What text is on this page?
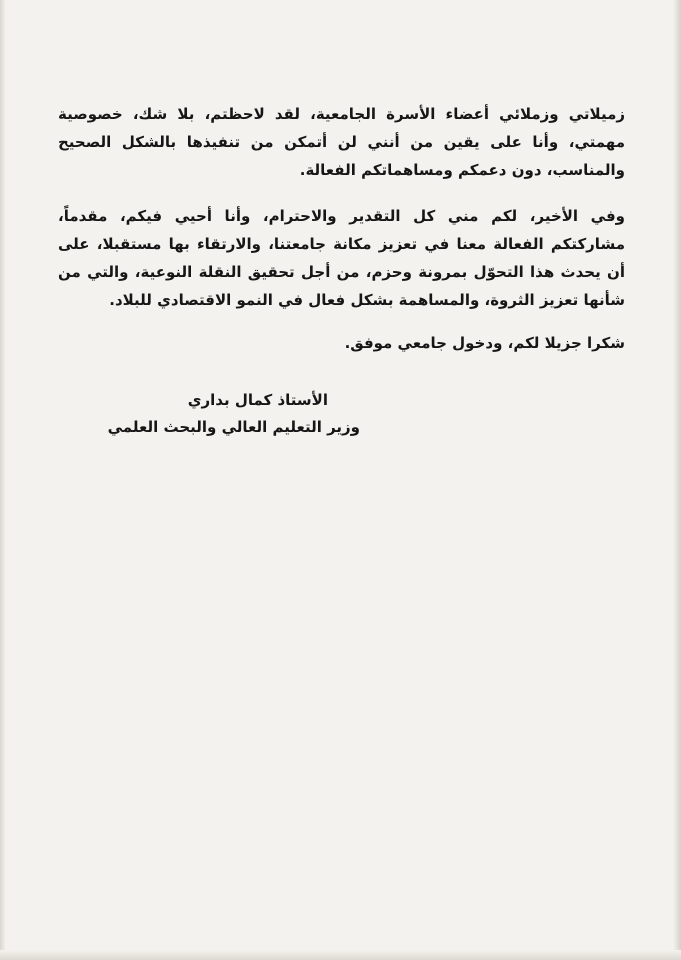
زميلاتي وزملائي أعضاء الأسرة الجامعية، لقد لاحظتم، بلا شك، خصوصية مهمتي، وأنا على يقين من أنني لن أتمكن من تنفيذها بالشكل الصحيح والمناسب، دون دعمكم ومساهماتكم الفعالة.

وفي الأخير، لكم مني كل التقدير والاحترام، وأنا أحيي فيكم، مقدماً، مشاركتكم الفعالة معنا في تعزيز مكانة جامعتنا، والارتقاء بها مستقبلا، على أن يحدث هذا التحوّل بمرونة وحزم، من أجل تحقيق النقلة النوعية، والتي من شأنها تعزيز الثروة، والمساهمة بشكل فعال في النمو الاقتصادي للبلاد.

شكرا جزيلا لكم، ودخول جامعي موفق.

الأستاذ كمال بداري
وزير التعليم العالي والبحث العلمي
